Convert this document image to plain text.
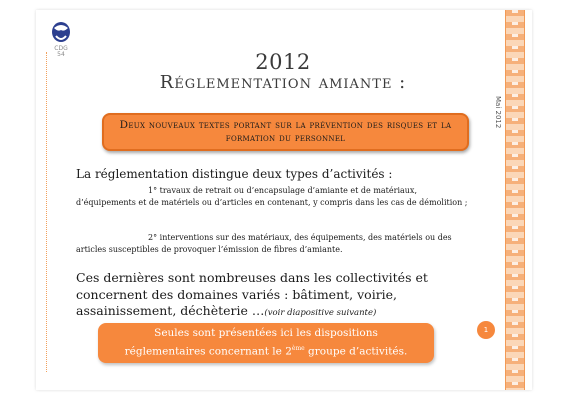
CDG
54	2012
Réglementation amiante :
Mai 2012
Deux nouveaux textes portant sur la prévention des risques et la formation du personnel
La réglementation distingue deux types d’activités :
1° travaux de retrait ou d’encapsulage d’amiante et de matériaux, d’équipements et de matériels ou d’articles en contenant, y compris dans les cas de démolition ;
2° interventions sur des matériaux, des équipements, des matériels ou des articles susceptibles de provoquer l’émission de fibres d’amiante.
Ces dernières sont nombreuses dans les collectivités et concernent des domaines variés : bâtiment, voirie, assainissement, déchèterie …(voir diapositive suivante)
Seules sont présentées ici les dispositions
réglementaires concernant le 2ème groupe d’activités.
1
